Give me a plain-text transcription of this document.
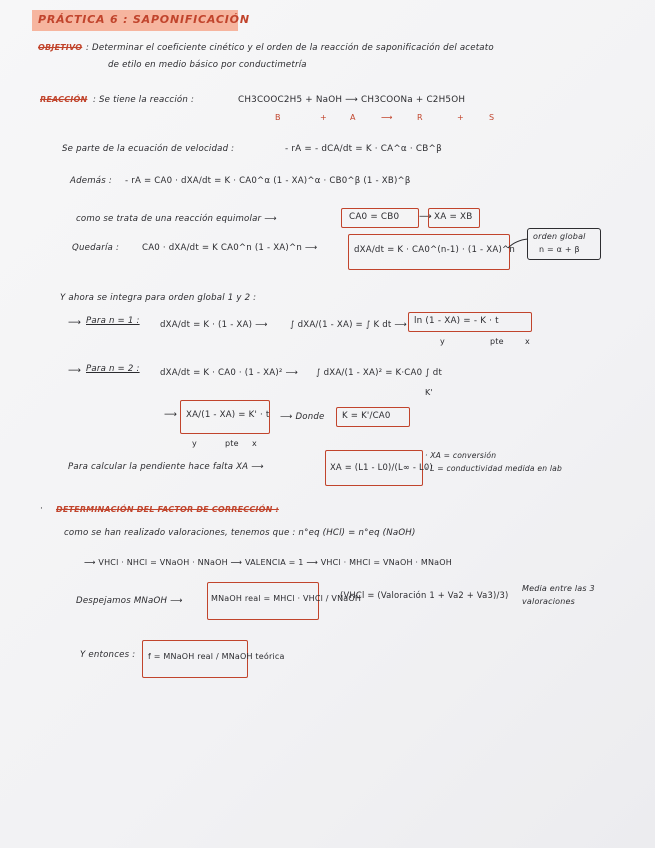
PRÁCTICA 6 : SAPONIFICACIÓN
OBJETIVO : Determinar el coeficiente cinético y el orden de la reacción de saponificación del acetato
de etilo en medio básico por conductimetría
REACCIÓN : Se tiene la reacción :	CH3COOC2H5 + NaOH ⟶ CH3COONa + C2H5OH
B	+	A	⟶	R	+	S
Se parte de la ecuación de velocidad :	- rA = - dCA/dt = K · CA^α · CB^β
Además : - rA = CA0 · dXA/dt = K · CA0^α (1 - XA)^α · CB0^β (1 - XB)^β
como se trata de una reacción equimolar ⟶	CA0 = CB0 ⟶ XA = XB
Quedaría :	CA0 · dXA/dt = K CA0^n (1 - XA)^n ⟶	dXA/dt = K · CA0^(n-1) · (1 - XA)^n
orden global
n = α + β
Y ahora se integra para orden global 1 y 2 :
⟶ Para n = 1 : dXA/dt = K · (1 - XA) ⟶	∫ dXA/(1 - XA) = ∫ K dt ⟶ ln (1 - XA) = - K · t
y	pte	x
⟶ Para n = 2 : dXA/dt = K · CA0 · (1 - XA)² ⟶ ∫ dXA/(1 - XA)² = K·CA0 ∫ dt
K'
⟶ XA/(1 - XA) = K' · t
y	pte x
⟶ Donde K = K'/CA0
Para calcular la pendiente hace falta XA ⟶	XA = (L1 - L0)/(L∞ - L0)
· XA = conversión
· L = conductividad medida en lab
· DETERMINACIÓN DEL FACTOR DE CORRECCIÓN :
como se han realizado valoraciones, tenemos que : n°eq (HCl) = n°eq (NaOH)
⟶ VHCl · NHCl = VNaOH · NNaOH ⟶ VALENCIA = 1 ⟶ VHCl · MHCl = VNaOH · MNaOH
Despejamos MNaOH ⟶	MNaOH real = MHCl · VHCl / VNaOH
(VHCl = (Valoración 1 + Va2 + Va3)/3)
Media entre las 3
valoraciones
Y entonces : f = MNaOH real / MNaOH teórica
